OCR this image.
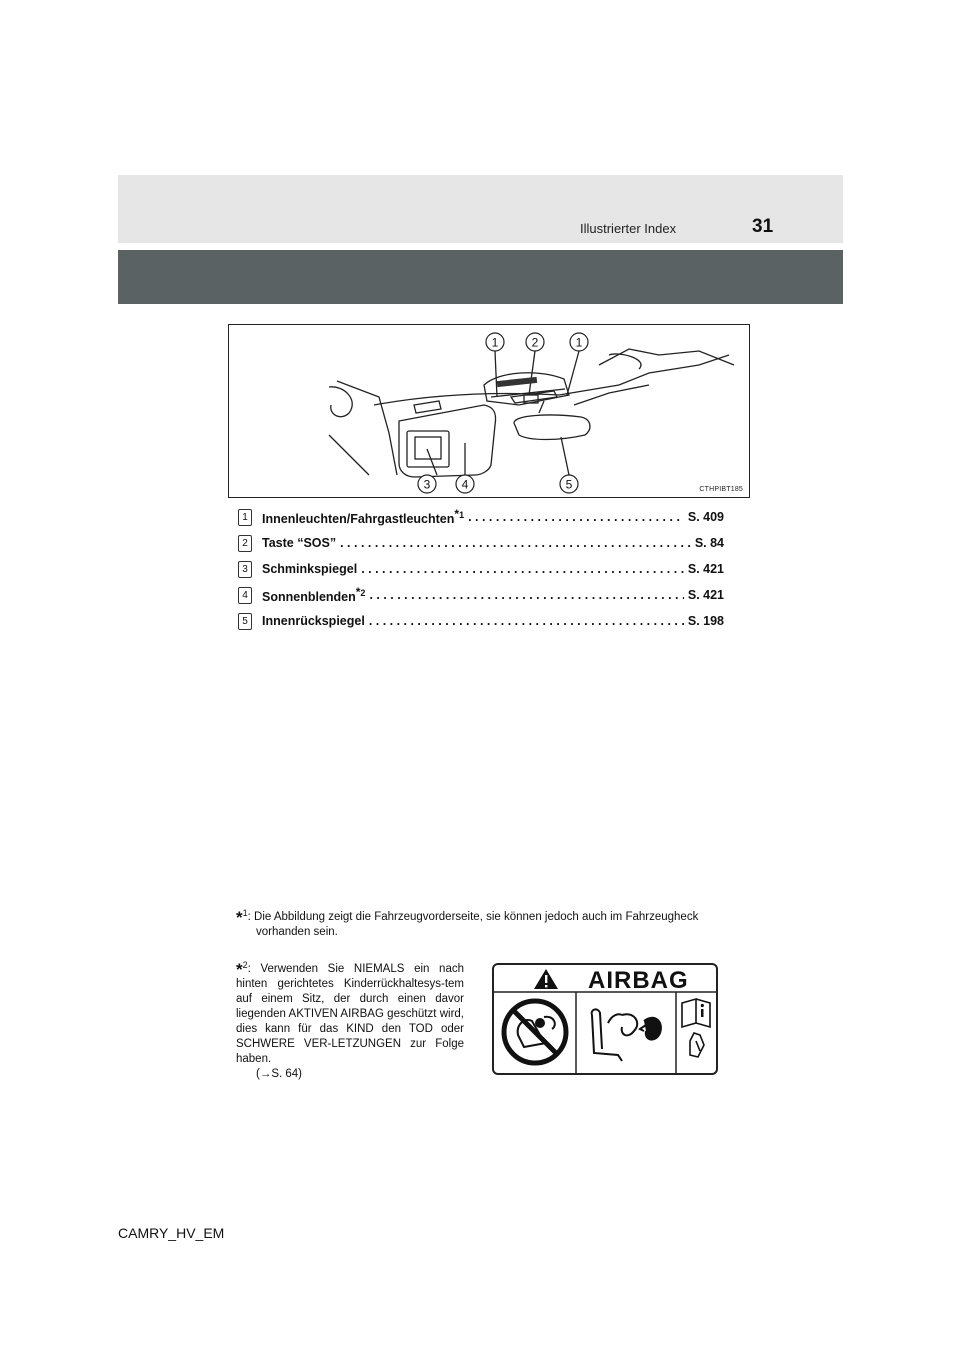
Illustrierter Index	31
1	2	1
3	4	5	CTHPIBT185
1	Innenleuchten/Fahrgastleuchten$^{*1}$ . . .	S. 409
2	Taste “SOS” . . .	S. 84
3	Schminkspiegel . . .	S. 421
4	Sonnenblenden$^{*2}$ . . .	S. 421
5	Innenrückspiegel . . .	S. 198
*$^1$: Die Abbildung zeigt die Fahrzeugvorderseite, sie können jedoch auch im Fahrzeugheck
vorhanden sein.
*$^2$: Verwenden Sie NIEMALS ein nach hinten gerichtetes Kinderrückhaltesys-tem auf einem Sitz, der durch einen davor liegenden AKTIVEN AIRBAG geschützt wird, dies kann für das KIND den TOD oder SCHWERE VER-LETZUNGEN zur Folge haben.
(→S. 64)
AIRBAG
CAMRY_HV_EM
